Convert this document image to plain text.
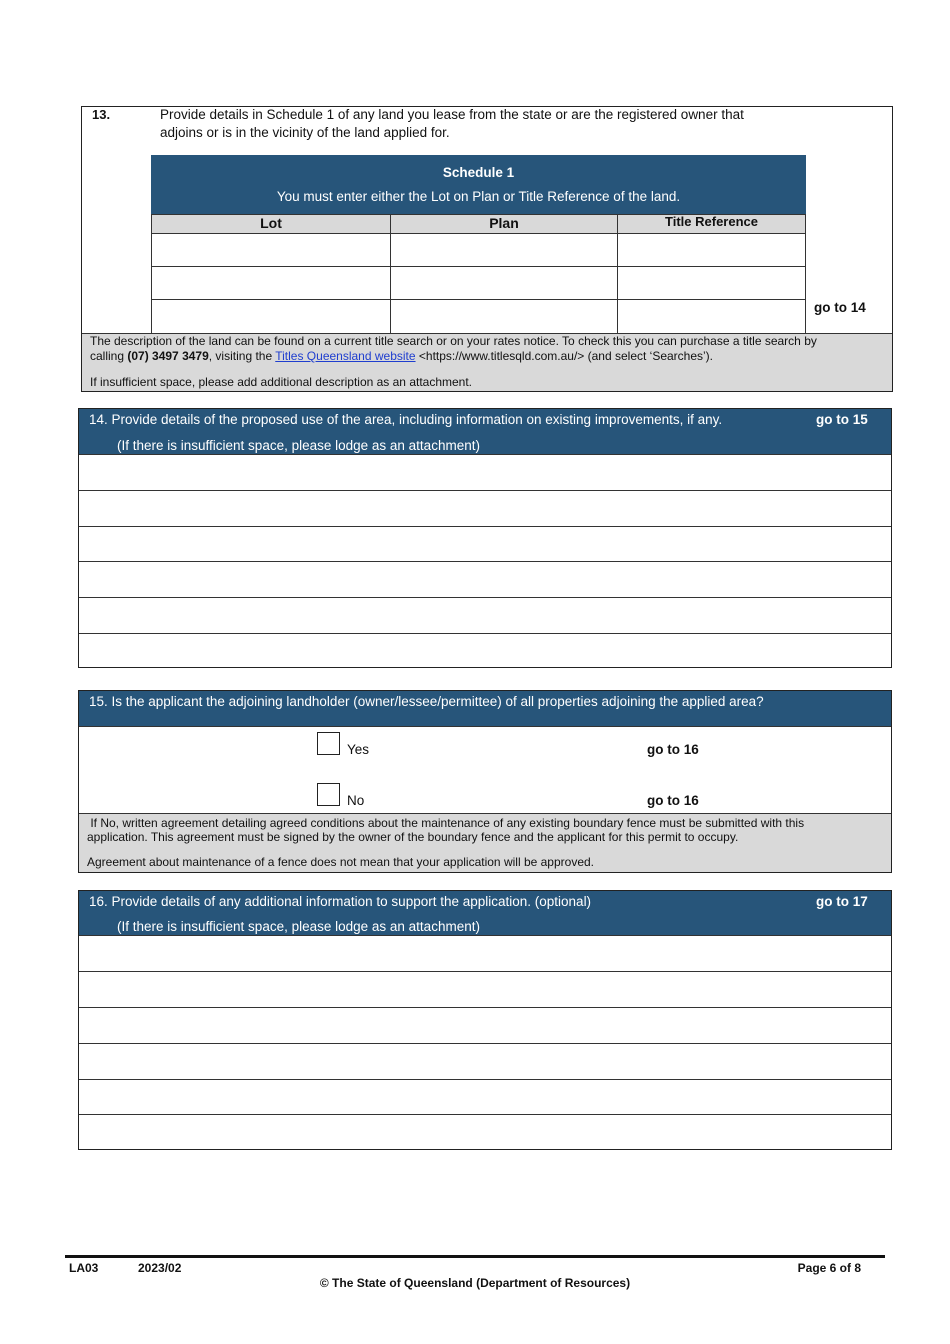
13.	Provide details in Schedule 1 of any land you lease from the state or are the registered owner that
adjoins or is in the vicinity of the land applied for.
Schedule 1
You must enter either the Lot on Plan or Title Reference of the land.
Lot	Plan	Title Reference
go to 14
The description of the land can be found on a current title search or on your rates notice. To check this you can purchase a title search by
calling (07) 3497 3479, visiting the Titles Queensland website <https://www.titlesqld.com.au/> (and select ‘Searches’).
If insufficient space, please add additional description as an attachment.
14. Provide details of the proposed use of the area, including information on existing improvements, if any.	go to 15
(If there is insufficient space, please lodge as an attachment)
15. Is the applicant the adjoining landholder (owner/lessee/permittee) of all properties adjoining the applied area?
Yes	go to 16
No	go to 16
If No, written agreement detailing agreed conditions about the maintenance of any existing boundary fence must be submitted with this
application. This agreement must be signed by the owner of the boundary fence and the applicant for this permit to occupy.
Agreement about maintenance of a fence does not mean that your application will be approved.
16. Provide details of any additional information to support the application. (optional)	go to 17
(If there is insufficient space, please lodge as an attachment)
LA03	2023/02	Page 6 of 8
© The State of Queensland (Department of Resources)
